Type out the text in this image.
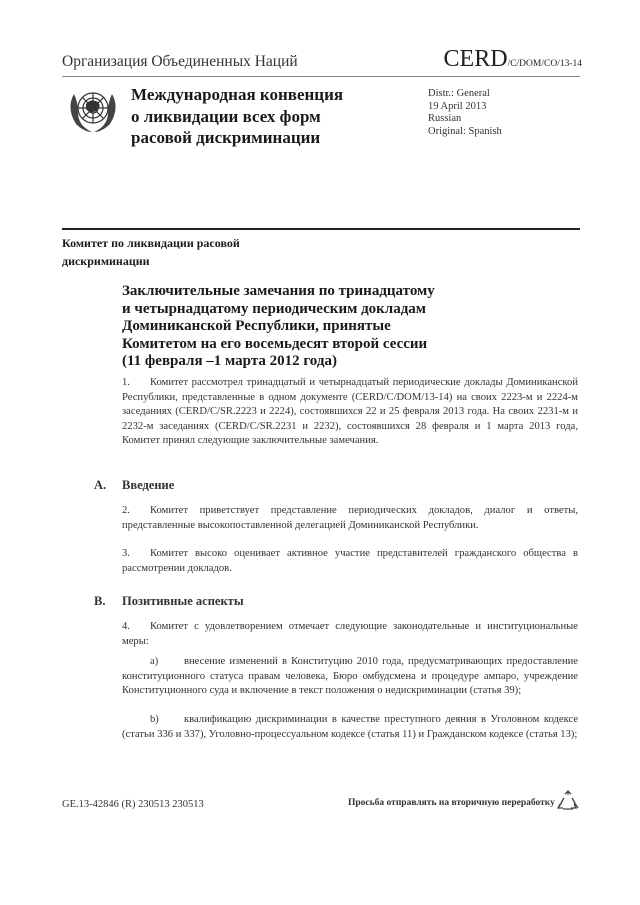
Организация Объединенных Наций	CERD/C/DOM/CO/13-14
Международная конвенция
о ликвидации всех форм
расовой дискриминации
Distr.: General
19 April 2013
Russian
Original: Spanish
Комитет по ликвидации расовой
дискриминации
Заключительные замечания по тринадцатому
и четырнадцатому периодическим докладам
Доминиканской Республики, принятые
Комитетом на его восемьдесят второй сессии
(11 февраля –1 марта 2012 года)
1. Комитет рассмотрел тринадцатый и четырнадцатый периодические доклады Доминиканской Республики, представленные в одном документе (CERD/C/DOM/13-14) на своих 2223-м и 2224-м заседаниях (CERD/C/SR.2223 и 2224), состоявшихся 22 и 25 февраля 2013 года. На своих 2231-м и 2232-м заседаниях (CERD/C/SR.2231 и 2232), состоявшихся 28 февраля и 1 марта 2013 года, Комитет принял следующие заключительные замечания.
A. Введение
2. Комитет приветствует представление периодических докладов, диалог и ответы, представленные высокопоставленной делегацией Доминиканской Республики.
3. Комитет высоко оценивает активное участие представителей гражданского общества в рассмотрении докладов.
B. Позитивные аспекты
4. Комитет с удовлетворением отмечает следующие законодательные и институциональные меры:
a) внесение изменений в Конституцию 2010 года, предусматривающих предоставление конституционного статуса правам человека, Бюро омбудсмена и процедуре ампаро, учреждение Конституционного суда и включение в текст положения о недискриминации (статья 39);
b) квалификацию дискриминации в качестве преступного деяния в Уголовном кодексе (статьи 336 и 337), Уголовно-процессуальном кодексе (статья 11) и Гражданском кодексе (статья 13);
GE.13-42846 (R) 230513 230513	Просьба отправлять на вторичную переработку
